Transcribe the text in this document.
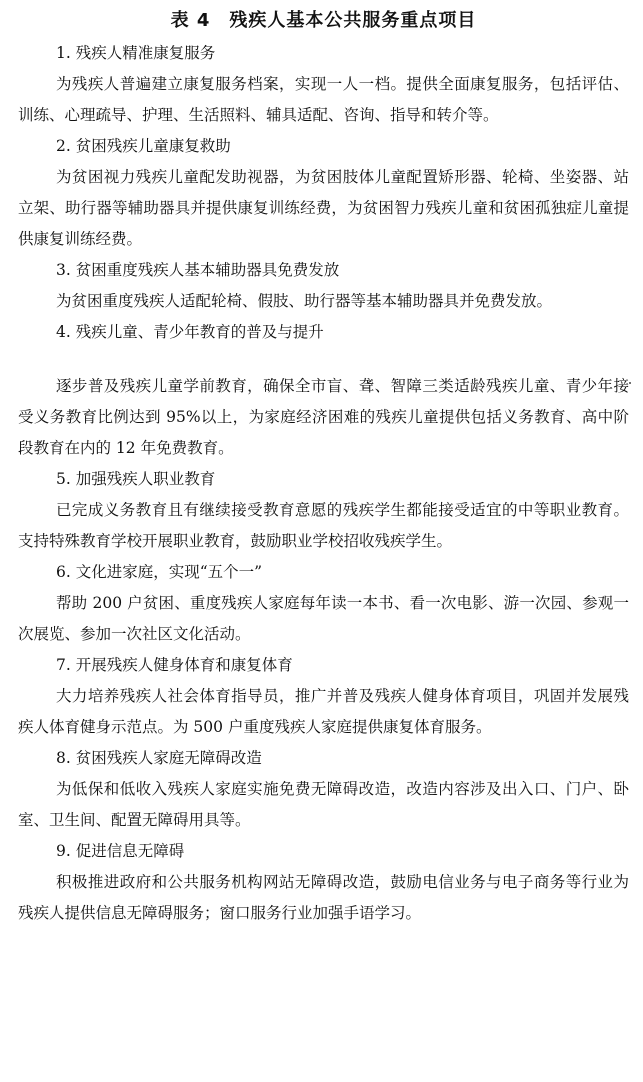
表 4　残疾人基本公共服务重点项目
1. 残疾人精准康复服务

为残疾人普遍建立康复服务档案，实现一人一档。提供全面康复服务，包括评估、训练、心理疏导、护理、生活照料、辅具适配、咨询、指导和转介等。

2. 贫困残疾儿童康复救助

为贫困视力残疾儿童配发助视器，为贫困肢体儿童配置矫形器、轮椅、坐姿器、站立架、助行器等辅助器具并提供康复训练经费，为贫困智力残疾儿童和贫困孤独症儿童提供康复训练经费。

3. 贫困重度残疾人基本辅助器具免费发放

为贫困重度残疾人适配轮椅、假肢、助行器等基本辅助器具并免费发放。

4. 残疾儿童、青少年教育的普及与提升

逐步普及残疾儿童学前教育，确保全市盲、聋、智障三类适龄残疾儿童、青少年接受义务教育比例达到 95%以上，为家庭经济困难的残疾儿童提供包括义务教育、高中阶段教育在内的 12 年免费教育。

5. 加强残疾人职业教育

已完成义务教育且有继续接受教育意愿的残疾学生都能接受适宜的中等职业教育。支持特殊教育学校开展职业教育，鼓励职业学校招收残疾学生。

6. 文化进家庭，实现“五个一”

帮助 200 户贫困、重度残疾人家庭每年读一本书、看一次电影、游一次园、参观一次展览、参加一次社区文化活动。

7. 开展残疾人健身体育和康复体育

大力培养残疾人社会体育指导员，推广并普及残疾人健身体育项目，巩固并发展残疾人体育健身示范点。为 500 户重度残疾人家庭提供康复体育服务。

8. 贫困残疾人家庭无障碍改造

为低保和低收入残疾人家庭实施免费无障碍改造，改造内容涉及出入口、门户、卧室、卫生间、配置无障碍用具等。

9. 促进信息无障碍

积极推进政府和公共服务机构网站无障碍改造，鼓励电信业务与电子商务等行业为残疾人提供信息无障碍服务；窗口服务行业加强手语学习。
